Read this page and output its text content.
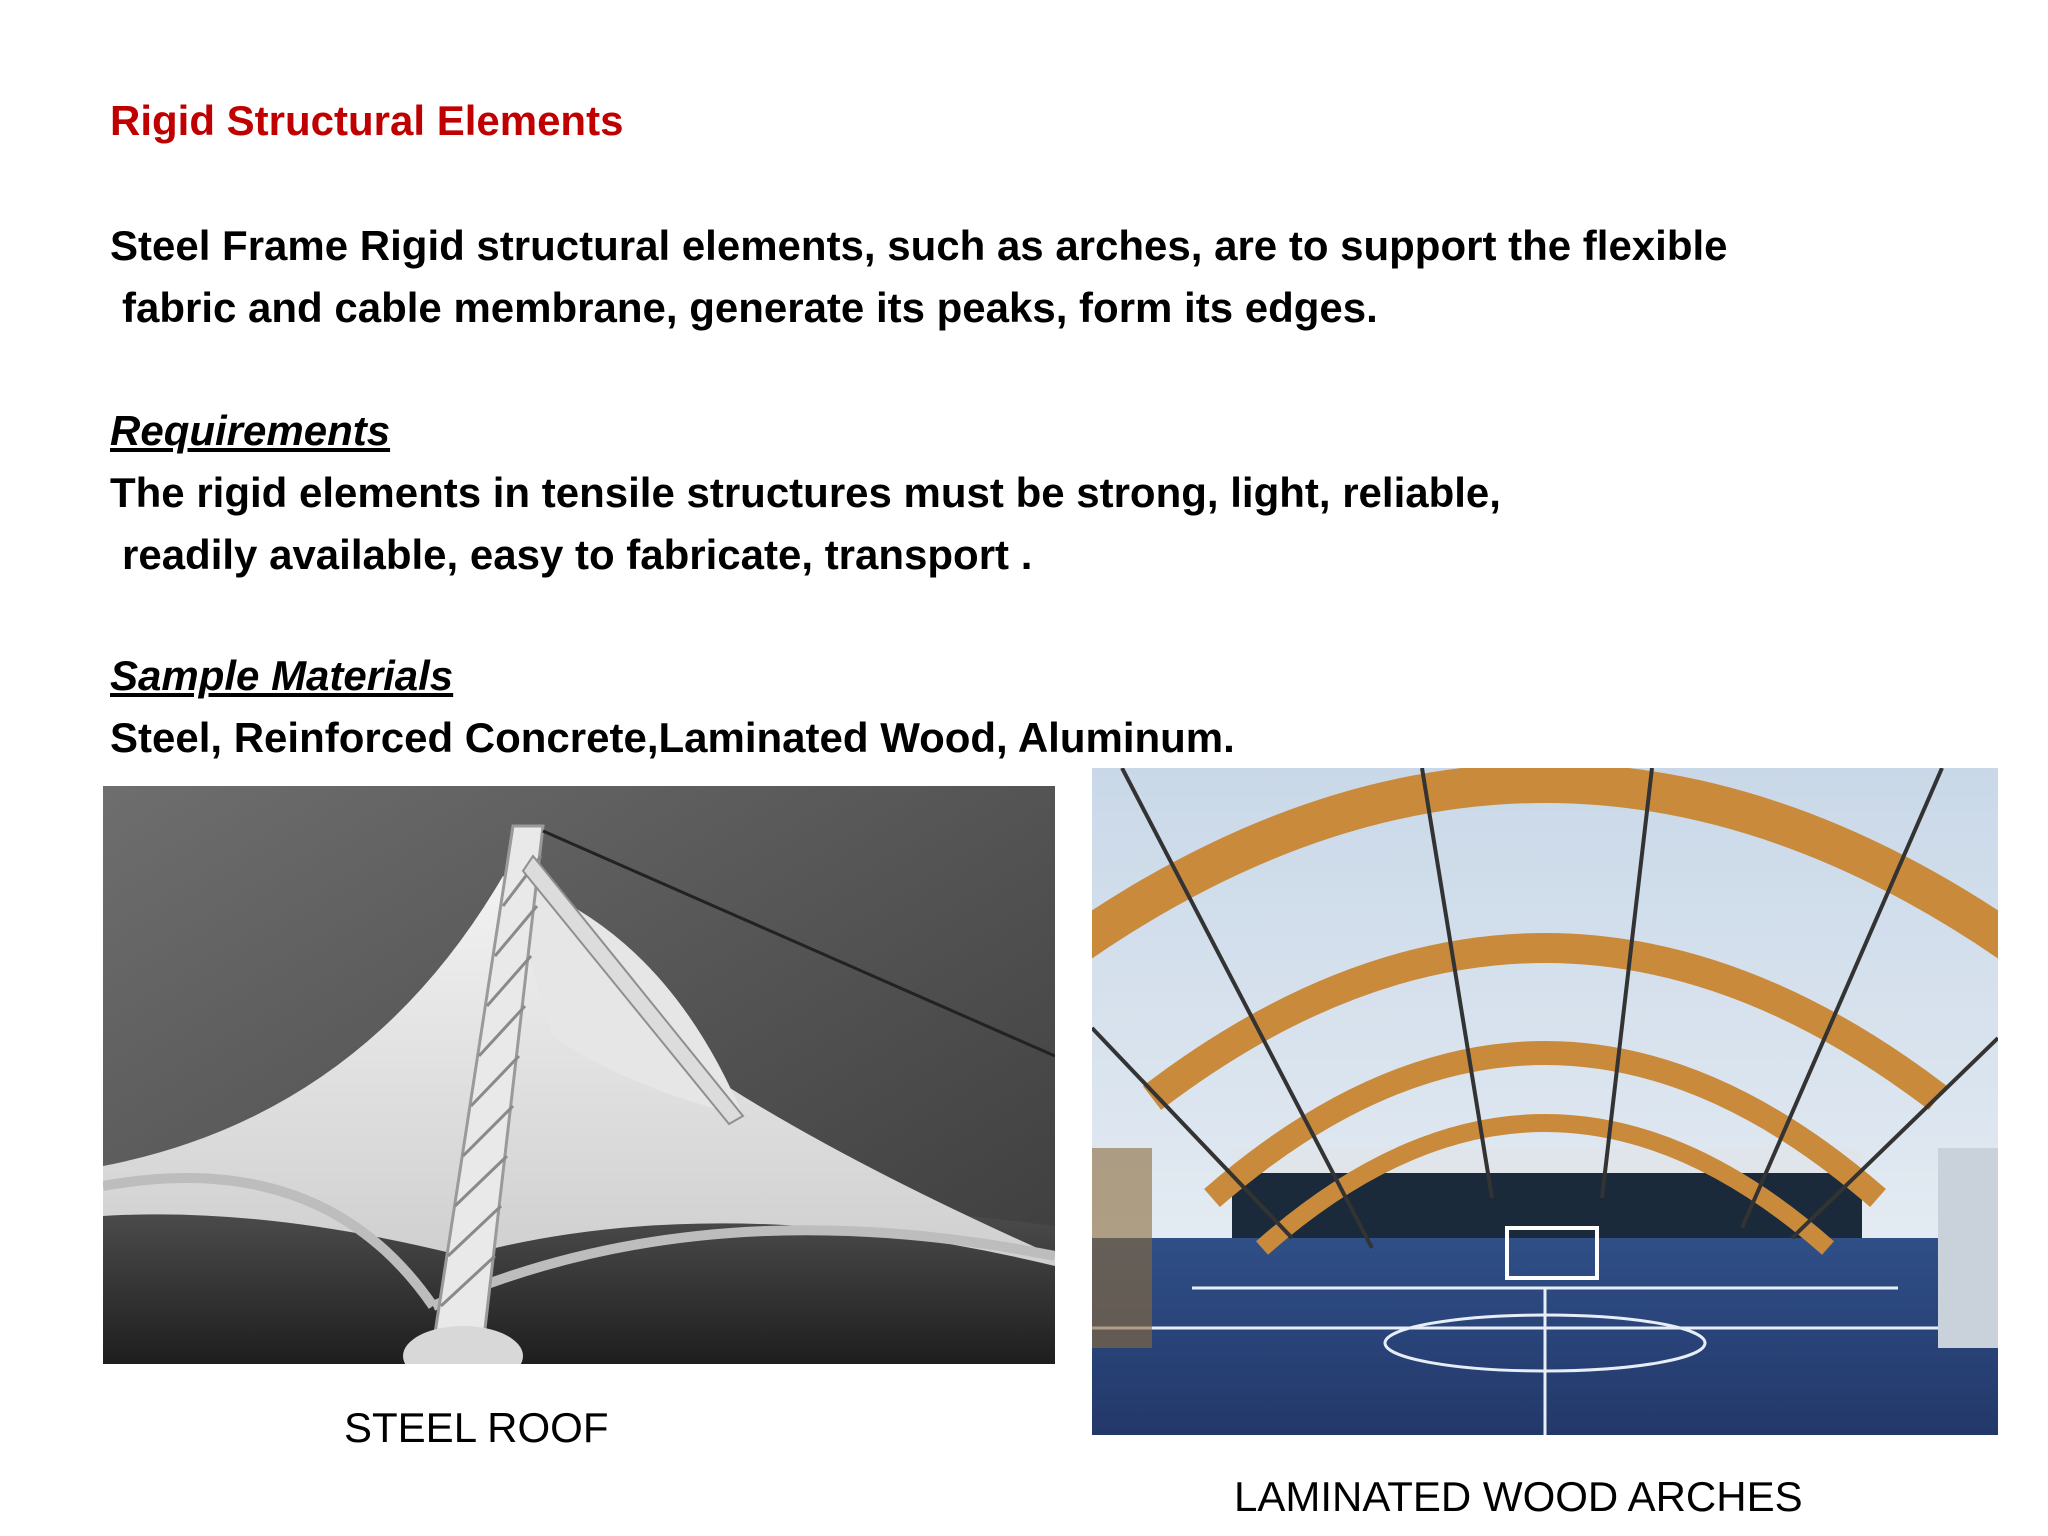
Rigid Structural Elements
Steel Frame Rigid structural elements, such as arches, are to support the flexible
fabric and cable membrane, generate its peaks, form its edges.
Requirements
The rigid elements in tensile structures must be strong, light, reliable,
readily available, easy to fabricate, transport .
Sample Materials
Steel, Reinforced Concrete,Laminated Wood, Aluminum.
STEEL ROOF
LAMINATED WOOD ARCHES
